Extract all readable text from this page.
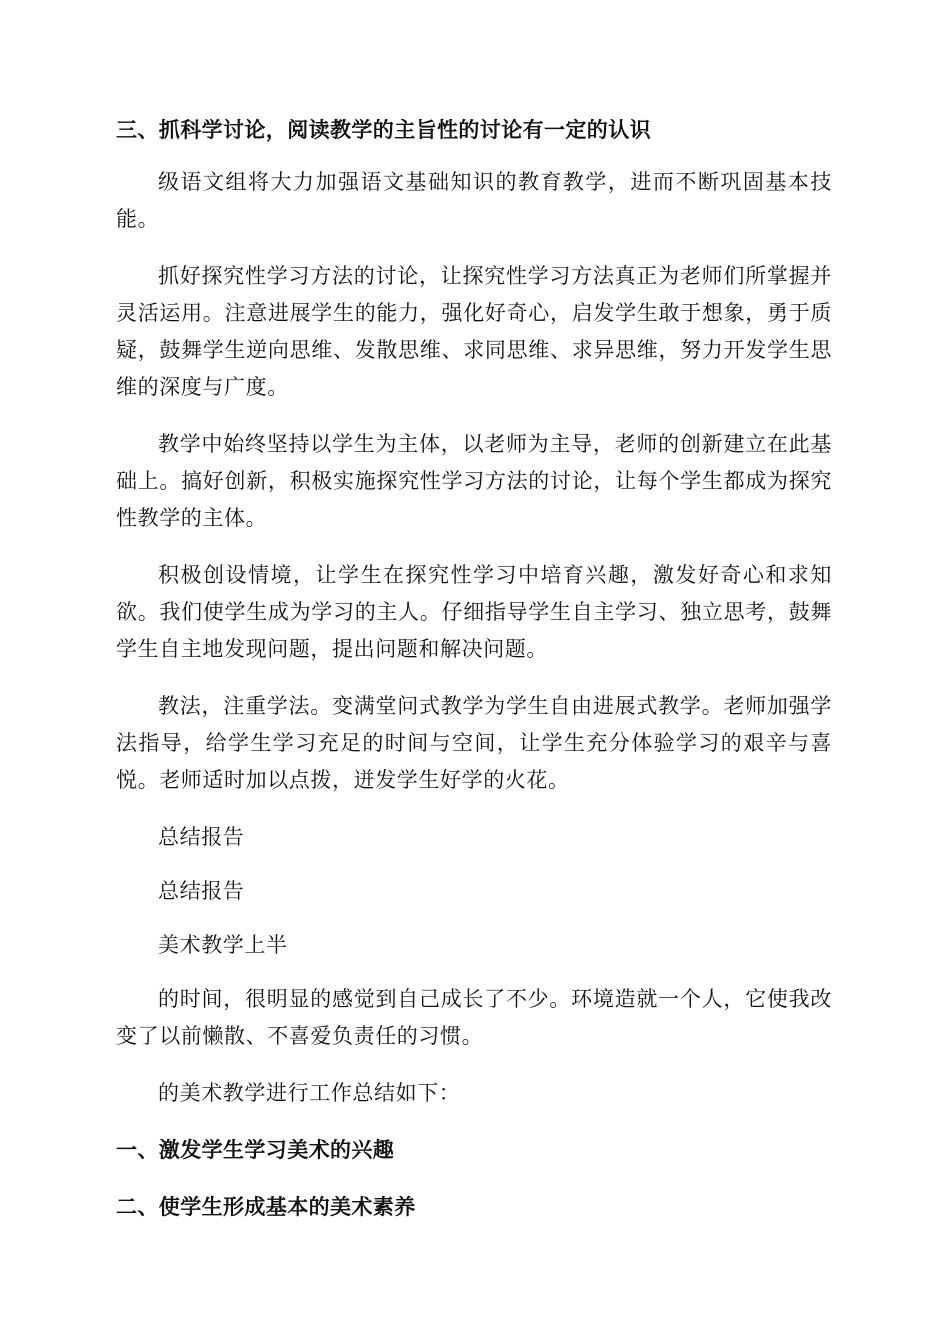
三、抓科学讨论，阅读教学的主旨性的讨论有一定的认识

级语文组将大力加强语文基础知识的教育教学，进而不断巩固基本技能。

抓好探究性学习方法的讨论，让探究性学习方法真正为老师们所掌握并灵活运用。注意进展学生的能力，强化好奇心，启发学生敢于想象，勇于质疑，鼓舞学生逆向思维、发散思维、求同思维、求异思维，努力开发学生思维的深度与广度。

教学中始终坚持以学生为主体，以老师为主导，老师的创新建立在此基础上。搞好创新，积极实施探究性学习方法的讨论，让每个学生都成为探究性教学的主体。

积极创设情境，让学生在探究性学习中培育兴趣，激发好奇心和求知欲。我们使学生成为学习的主人。仔细指导学生自主学习、独立思考，鼓舞学生自主地发现问题，提出问题和解决问题。

教法，注重学法。变满堂问式教学为学生自由进展式教学。老师加强学法指导，给学生学习充足的时间与空间，让学生充分体验学习的艰辛与喜悦。老师适时加以点拨，迸发学生好学的火花。

总结报告

总结报告

美术教学上半

的时间，很明显的感觉到自己成长了不少。环境造就一个人，它使我改变了以前懒散、不喜爱负责任的习惯。

的美术教学进行工作总结如下：

一、激发学生学习美术的兴趣
二、使学生形成基本的美术素养
